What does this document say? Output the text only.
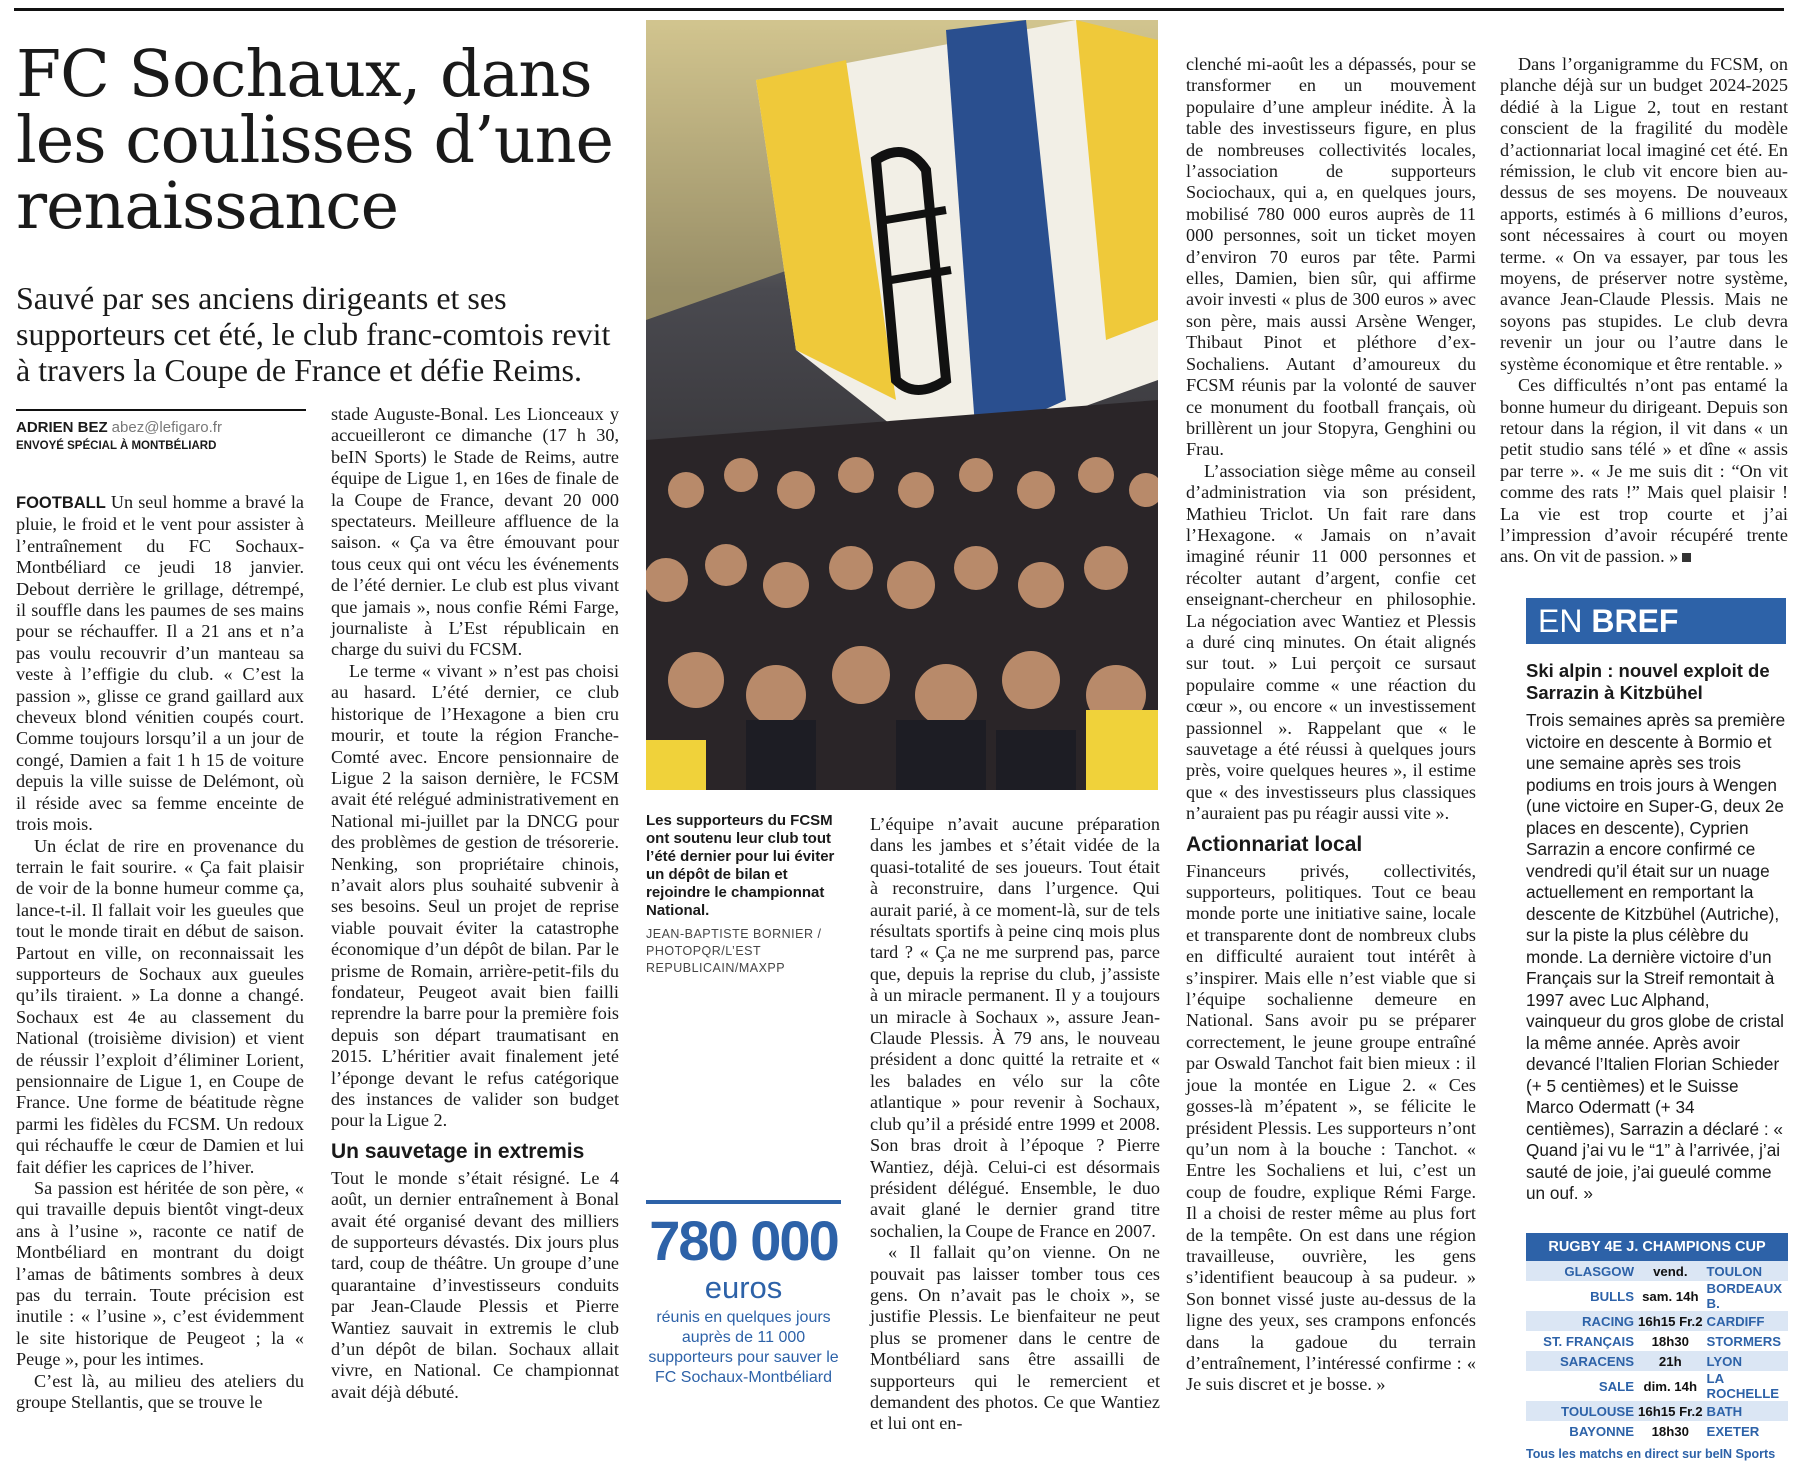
FC Sochaux, dans les coulisses d’une renaissance

Sauvé par ses anciens dirigeants et ses supporteurs cet été, le club franc-comtois revit à travers la Coupe de France et défie Reims.

ADRIEN BEZ abez@lefigaro.fr
ENVOYÉ SPÉCIAL À MONTBÉLIARD

FOOTBALL Un seul homme a bravé la pluie, le froid et le vent pour assister à l’entraînement du FC Sochaux-Montbéliard ce jeudi 18 janvier. Debout derrière le grillage, détrempé, il souffle dans les paumes de ses mains pour se réchauffer. Il a 21 ans et n’a pas voulu recouvrir d’un manteau sa veste à l’effigie du club. « C’est la passion », glisse ce grand gaillard aux cheveux blond vénitien coupés court. Comme toujours lorsqu’il a un jour de congé, Damien a fait 1 h 15 de voiture depuis la ville suisse de Delémont, où il réside avec sa femme enceinte de trois mois.

Un éclat de rire en provenance du terrain le fait sourire. « Ça fait plaisir de voir de la bonne humeur comme ça, lance-t-il. Il fallait voir les gueules que tout le monde tirait en début de saison. Partout en ville, on reconnaissait les supporteurs de Sochaux aux gueules qu’ils tiraient. » La donne a changé. Sochaux est 4e au classement du National (troisième division) et vient de réussir l’exploit d’éliminer Lorient, pensionnaire de Ligue 1, en Coupe de France. Une forme de béatitude règne parmi les fidèles du FCSM. Un redoux qui réchauffe le cœur de Damien et lui fait défier les caprices de l’hiver.

Sa passion est héritée de son père, « qui travaille depuis bientôt vingt-deux ans à l’usine », raconte ce natif de Montbéliard en montrant du doigt l’amas de bâtiments sombres à deux pas du terrain. Toute précision est inutile : « l’usine », c’est évidemment le site historique de Peugeot ; la « Peuge », pour les intimes.

C’est là, au milieu des ateliers du groupe Stellantis, que se trouve le

stade Auguste-Bonal. Les Lionceaux y accueilleront ce dimanche (17 h 30, beIN Sports) le Stade de Reims, autre équipe de Ligue 1, en 16es de finale de la Coupe de France, devant 20 000 spectateurs. Meilleure affluence de la saison. « Ça va être émouvant pour tous ceux qui ont vécu les événements de l’été dernier. Le club est plus vivant que jamais », nous confie Rémi Farge, journaliste à L’Est républicain en charge du suivi du FCSM.

Le terme « vivant » n’est pas choisi au hasard. L’été dernier, ce club historique de l’Hexagone a bien cru mourir, et toute la région Franche-Comté avec. Encore pensionnaire de Ligue 2 la saison dernière, le FCSM avait été relégué administrativement en National mi-juillet par la DNCG pour des problèmes de gestion de trésorerie. Nenking, son propriétaire chinois, n’avait alors plus souhaité subvenir à ses besoins. Seul un projet de reprise viable pouvait éviter la catastrophe économique d’un dépôt de bilan. Par le prisme de Romain, arrière-petit-fils du fondateur, Peugeot avait bien failli reprendre la barre pour la première fois depuis son départ traumatisant en 2015. L’héritier avait finalement jeté l’éponge devant le refus catégorique des instances de valider son budget pour la Ligue 2.

Un sauvetage in extremis

Tout le monde s’était résigné. Le 4 août, un dernier entraînement à Bonal avait été organisé devant des milliers de supporteurs dévastés. Dix jours plus tard, coup de théâtre. Un groupe d’une quarantaine d’investisseurs conduits par Jean-Claude Plessis et Pierre Wantiez sauvait in extremis le club d’un dépôt de bilan. Sochaux allait vivre, en National. Ce championnat avait déjà débuté.

Les supporteurs du FCSM ont soutenu leur club tout l’été dernier pour lui éviter un dépôt de bilan et rejoindre le championnat National.
JEAN-BAPTISTE BORNIER / PHOTOPQR/L’EST REPUBLICAIN/MAXPP
780 000
euros
réunis en quelques jours auprès de 11 000 supporteurs pour sauver le FC Sochaux-Montbéliard

L’équipe n’avait aucune préparation dans les jambes et s’était vidée de la quasi-totalité de ses joueurs. Tout était à reconstruire, dans l’urgence. Qui aurait parié, à ce moment-là, sur de tels résultats sportifs à peine cinq mois plus tard ? « Ça ne me surprend pas, parce que, depuis la reprise du club, j’assiste à un miracle permanent. Il y a toujours un miracle à Sochaux », assure Jean-Claude Plessis. À 79 ans, le nouveau président a donc quitté la retraite et « les balades en vélo sur la côte atlantique » pour revenir à Sochaux, club qu’il a présidé entre 1999 et 2008. Son bras droit à l’époque ? Pierre Wantiez, déjà. Celui-ci est désormais président délégué. Ensemble, le duo avait glané le dernier grand titre sochalien, la Coupe de France en 2007.

« Il fallait qu’on vienne. On ne pouvait pas laisser tomber tous ces gens. On n’avait pas le choix », se justifie Plessis. Le bienfaiteur ne peut plus se promener dans le centre de Montbéliard sans être assailli de supporteurs qui le remercient et demandent des photos. Ce que Wantiez et lui ont en-

clenché mi-août les a dépassés, pour se transformer en un mouvement populaire d’une ampleur inédite. À la table des investisseurs figure, en plus de nombreuses collectivités locales, l’association de supporteurs Sociochaux, qui a, en quelques jours, mobilisé 780 000 euros auprès de 11 000 personnes, soit un ticket moyen d’environ 70 euros par tête. Parmi elles, Damien, bien sûr, qui affirme avoir investi « plus de 300 euros » avec son père, mais aussi Arsène Wenger, Thibaut Pinot et pléthore d’ex-Sochaliens. Autant d’amoureux du FCSM réunis par la volonté de sauver ce monument du football français, où brillèrent un jour Stopyra, Genghini ou Frau.

L’association siège même au conseil d’administration via son président, Mathieu Triclot. Un fait rare dans l’Hexagone. « Jamais on n’avait imaginé réunir 11 000 personnes et récolter autant d’argent, confie cet enseignant-chercheur en philosophie. La négociation avec Wantiez et Plessis a duré cinq minutes. On était alignés sur tout. » Lui perçoit ce sursaut populaire comme « une réaction du cœur », ou encore « un investissement passionnel ». Rappelant que « le sauvetage a été réussi à quelques jours près, voire quelques heures », il estime que « des investisseurs plus classiques n’auraient pas pu réagir aussi vite ».

Actionnariat local

Financeurs privés, collectivités, supporteurs, politiques. Tout ce beau monde porte une initiative saine, locale et transparente dont de nombreux clubs en difficulté auraient tout intérêt à s’inspirer. Mais elle n’est viable que si l’équipe sochalienne demeure en National. Sans avoir pu se préparer correctement, le jeune groupe entraîné par Oswald Tanchot fait bien mieux : il joue la montée en Ligue 2. « Ces gosses-là m’épatent », se félicite le président Plessis. Les supporteurs n’ont qu’un nom à la bouche : Tanchot. « Entre les Sochaliens et lui, c’est un coup de foudre, explique Rémi Farge. Il a choisi de rester même au plus fort de la tempête. On est dans une région travailleuse, ouvrière, les gens s’identifient beaucoup à sa pudeur. » Son bonnet vissé juste au-dessus de la ligne des yeux, ses crampons enfoncés dans la gadoue du terrain d’entraînement, l’intéressé confirme : « Je suis discret et je bosse. »

Dans l’organigramme du FCSM, on planche déjà sur un budget 2024-2025 dédié à la Ligue 2, tout en restant conscient de la fragilité du modèle d’actionnariat local imaginé cet été. En rémission, le club vit encore bien au-dessus de ses moyens. De nouveaux apports, estimés à 6 millions d’euros, sont nécessaires à court ou moyen terme. « On va essayer, par tous les moyens, de préserver notre système, avance Jean-Claude Plessis. Mais ne soyons pas stupides. Le club devra revenir un jour ou l’autre dans le système économique et être rentable. »

Ces difficultés n’ont pas entamé la bonne humeur du dirigeant. Depuis son retour dans la région, il vit dans « un petit studio sans télé » et dîne « assis par terre ». « Je me suis dit : “On vit comme des rats !” Mais quel plaisir ! La vie est trop courte et j’ai l’impression d’avoir récupéré trente ans. On vit de passion. »

EN BREF
Ski alpin : nouvel exploit de Sarrazin à Kitzbühel

Trois semaines après sa première victoire en descente à Bormio et une semaine après ses trois podiums en trois jours à Wengen (une victoire en Super-G, deux 2e places en descente), Cyprien Sarrazin a encore confirmé ce vendredi qu’il était sur un nuage actuellement en remportant la descente de Kitzbühel (Autriche), sur la piste la plus célèbre du monde. La dernière victoire d’un Français sur la Streif remontait à 1997 avec Luc Alphand, vainqueur du gros globe de cristal la même année. Après avoir devancé l’Italien Florian Schieder (+ 5 centièmes) et le Suisse Marco Odermatt (+ 34 centièmes), Sarrazin a déclaré : « Quand j’ai vu le “1” à l’arrivée, j’ai sauté de joie, j’ai gueulé comme un ouf. »

RUGBY 4E J. CHAMPIONS CUP
GLASGOW	vend.	TOULON
BULLS	sam. 14h	BORDEAUX B.
RACING	16h15 Fr.2	CARDIFF
ST. FRANÇAIS	18h30	STORMERS
SARACENS	21h	LYON
SALE	dim. 14h	LA ROCHELLE
TOULOUSE	16h15 Fr.2	BATH
BAYONNE	18h30	EXETER
Tous les matchs en direct sur beIN Sports
